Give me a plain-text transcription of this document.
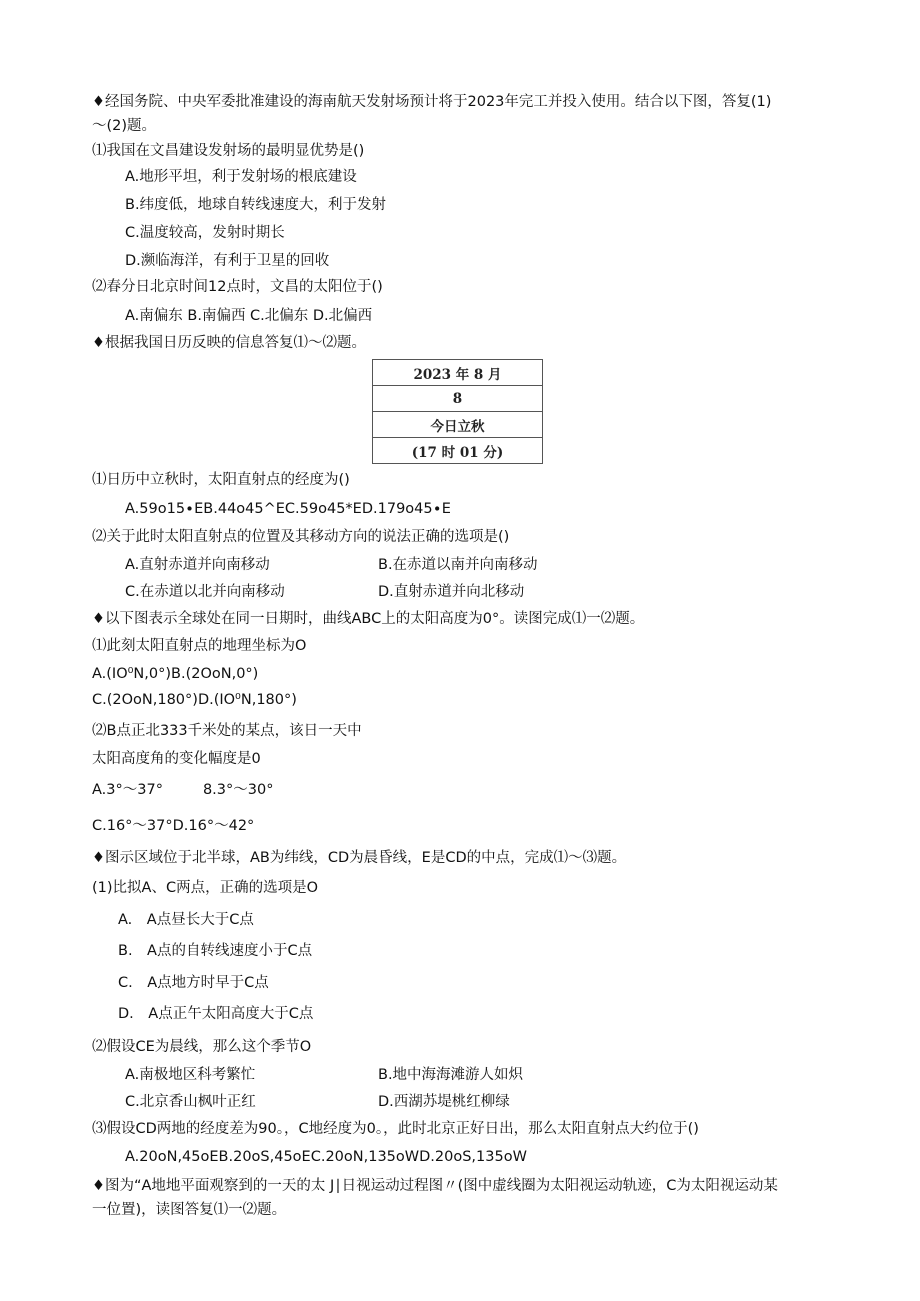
♦经国务院、中央军委批准建设的海南航天发射场预计将于2023年完工并投入使用。结合以下图，答复(1)
～(2)题。
⑴我国在文昌建设发射场的最明显优势是()
A.地形平坦，利于发射场的根底建设
B.纬度低，地球自转线速度大，利于发射
C.温度较高，发射时期长
D.濒临海洋，有利于卫星的回收
⑵春分日北京时间12点时，文昌的太阳位于()
A.南偏东 B.南偏西 C.北偏东 D.北偏西
♦根据我国日历反映的信息答复⑴～⑵题。
2023 年 8 月
8
今日立秋
(17 时 01 分)
⑴日历中立秋时，太阳直射点的经度为()
A.59o15∙EB.44o45^EC.59o45*ED.179o45∙E
⑵关于此时太阳直射点的位置及其移动方向的说法正确的选项是()
A.直射赤道并向南移动	B.在赤道以南并向南移动
C.在赤道以北并向南移动	D.直射赤道并向北移动
♦以下图表示全球处在同一日期时，曲线ABC上的太阳高度为0°。读图完成⑴一⑵题。
⑴此刻太阳直射点的地理坐标为O
A.(IO⁰N,0°)B.(2OoN,0°)
C.(2OoN,180°)D.(IO⁰N,180°)
⑵B点正北333千米处的某点，该日一天中
太阳高度角的变化幅度是0
A.3°～37°	8.3°～30°
C.16°～37°D.16°～42°
♦图示区域位于北半球，AB为纬线，CD为晨昏线，E是CD的中点，完成⑴～⑶题。
(1)比拟A、C两点，正确的选项是O
A.　A点昼长大于C点
B.　A点的自转线速度小于C点
C.　A点地方时早于C点
D.　A点正午太阳高度大于C点
⑵假设CE为晨线，那么这个季节O
A.南极地区科考繁忙	B.地中海海滩游人如炽
C.北京香山枫叶正红	D.西湖苏堤桃红柳绿
⑶假设CD两地的经度差为90。，C地经度为0。，此时北京正好日出，那么太阳直射点大约位于()
A.20oN,45oEB.20oS,45oEC.20oN,135oWD.20oS,135oW
♦图为“A地地平面观察到的一天的太 J∣日视运动过程图〃(图中虚线圈为太阳视运动轨迹，C为太阳视运动某
一位置)，读图答复⑴一⑵题。
